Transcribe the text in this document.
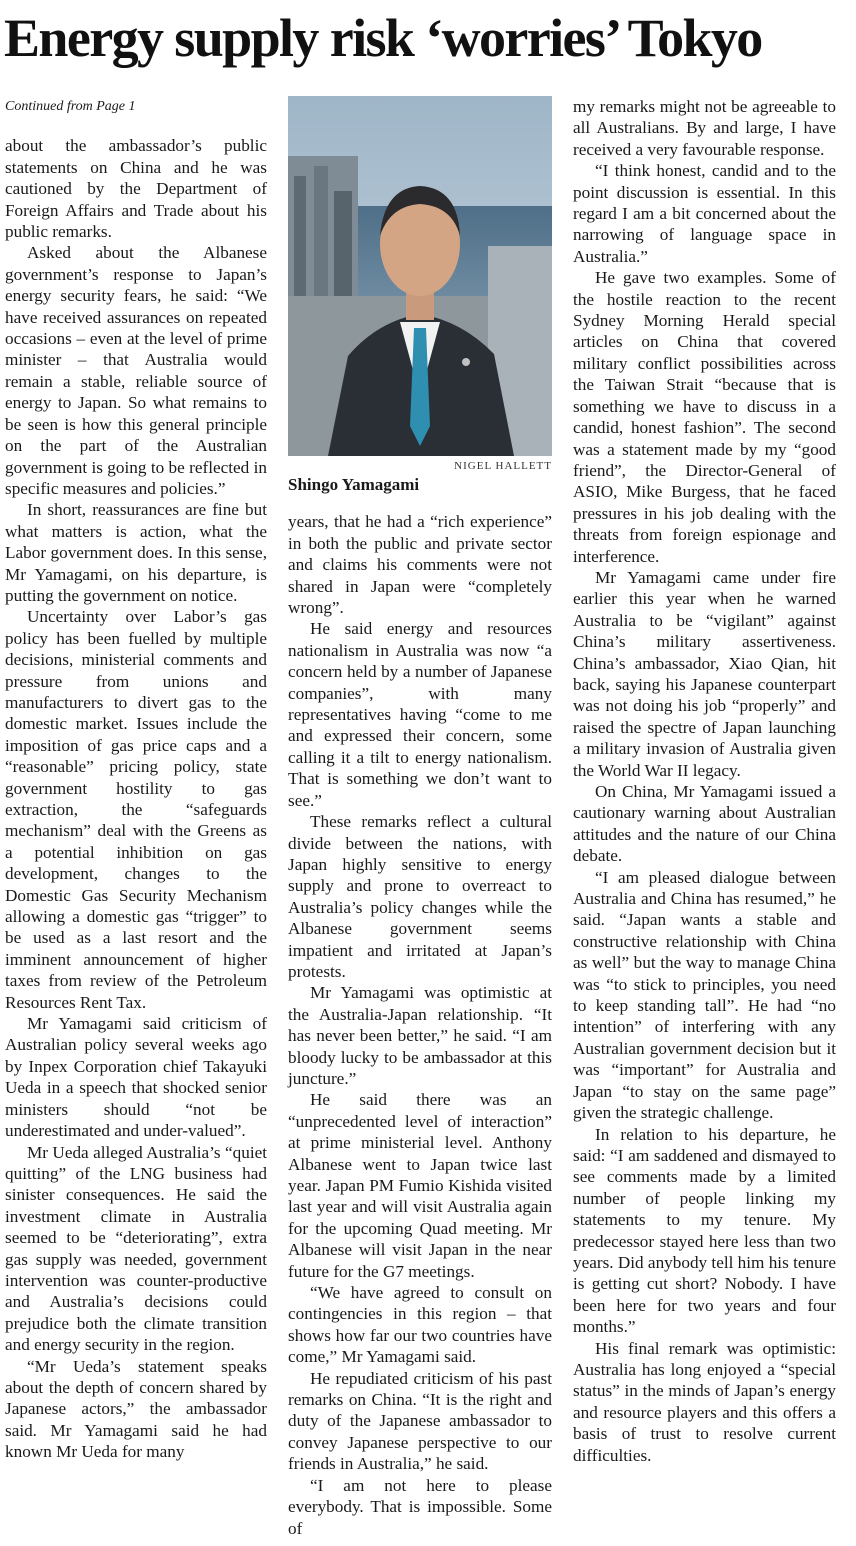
Energy supply risk ‘worries’ Tokyo

Continued from Page 1

about the ambassador’s public statements on China and he was cautioned by the Department of Foreign Affairs and Trade about his public remarks.

Asked about the Albanese government’s response to Japan’s energy security fears, he said: “We have received assurances on repeated occasions – even at the level of prime minister – that Australia would remain a stable, reliable source of energy to Japan. So what remains to be seen is how this general principle on the part of the Australian government is going to be reflected in specific measures and policies.”

In short, reassurances are fine but what matters is action, what the Labor government does. In this sense, Mr Yamagami, on his departure, is putting the government on notice.

Uncertainty over Labor’s gas policy has been fuelled by multiple decisions, ministerial comments and pressure from unions and manufacturers to divert gas to the domestic market. Issues include the imposition of gas price caps and a “reasonable” pricing policy, state government hostility to gas extraction, the “safeguards mechanism” deal with the Greens as a potential inhibition on gas development, changes to the Domestic Gas Security Mechanism allowing a domestic gas “trigger” to be used as a last resort and the imminent announcement of higher taxes from review of the Petroleum Resources Rent Tax.

Mr Yamagami said criticism of Australian policy several weeks ago by Inpex Corporation chief Takayuki Ueda in a speech that shocked senior ministers should “not be underestimated and under-valued”.

Mr Ueda alleged Australia’s “quiet quitting” of the LNG business had sinister consequences. He said the investment climate in Australia seemed to be “deteriorating”, extra gas supply was needed, government intervention was counter-productive and Australia’s decisions could prejudice both the climate transition and energy security in the region.

“Mr Ueda’s statement speaks about the depth of concern shared by Japanese actors,” the ambassador said. Mr Yamagami said he had known Mr Ueda for many

NIGEL HALLETT

Shingo Yamagami

years, that he had a “rich experience” in both the public and private sector and claims his comments were not shared in Japan were “completely wrong”.

He said energy and resources nationalism in Australia was now “a concern held by a number of Japanese companies”, with many representatives having “come to me and expressed their concern, some calling it a tilt to energy nationalism. That is something we don’t want to see.”

These remarks reflect a cultural divide between the nations, with Japan highly sensitive to energy supply and prone to overreact to Australia’s policy changes while the Albanese government seems impatient and irritated at Japan’s protests.

Mr Yamagami was optimistic at the Australia-Japan relationship. “It has never been better,” he said. “I am bloody lucky to be ambassador at this juncture.”

He said there was an “unprecedented level of interaction” at prime ministerial level. Anthony Albanese went to Japan twice last year. Japan PM Fumio Kishida visited last year and will visit Australia again for the upcoming Quad meeting. Mr Albanese will visit Japan in the near future for the G7 meetings.

“We have agreed to consult on contingencies in this region – that shows how far our two countries have come,” Mr Yamagami said.

He repudiated criticism of his past remarks on China. “It is the right and duty of the Japanese ambassador to convey Japanese perspective to our friends in Australia,” he said.

“I am not here to please everybody. That is impossible. Some of

my remarks might not be agreeable to all Australians. By and large, I have received a very favourable response.

“I think honest, candid and to the point discussion is essential. In this regard I am a bit concerned about the narrowing of language space in Australia.”

He gave two examples. Some of the hostile reaction to the recent Sydney Morning Herald special articles on China that covered military conflict possibilities across the Taiwan Strait “because that is something we have to discuss in a candid, honest fashion”. The second was a statement made by my “good friend”, the Director-General of ASIO, Mike Burgess, that he faced pressures in his job dealing with the threats from foreign espionage and interference.

Mr Yamagami came under fire earlier this year when he warned Australia to be “vigilant” against China’s military assertiveness. China’s ambassador, Xiao Qian, hit back, saying his Japanese counterpart was not doing his job “properly” and raised the spectre of Japan launching a military invasion of Australia given the World War II legacy.

On China, Mr Yamagami issued a cautionary warning about Australian attitudes and the nature of our China debate.

“I am pleased dialogue between Australia and China has resumed,” he said. “Japan wants a stable and constructive relationship with China as well” but the way to manage China was “to stick to principles, you need to keep standing tall”. He had “no intention” of interfering with any Australian government decision but it was “important” for Australia and Japan “to stay on the same page” given the strategic challenge.

In relation to his departure, he said: “I am saddened and dismayed to see comments made by a limited number of people linking my statements to my tenure. My predecessor stayed here less than two years. Did anybody tell him his tenure is getting cut short? Nobody. I have been here for two years and four months.”

His final remark was optimistic: Australia has long enjoyed a “special status” in the minds of Japan’s energy and resource players and this offers a basis of trust to resolve current difficulties.
